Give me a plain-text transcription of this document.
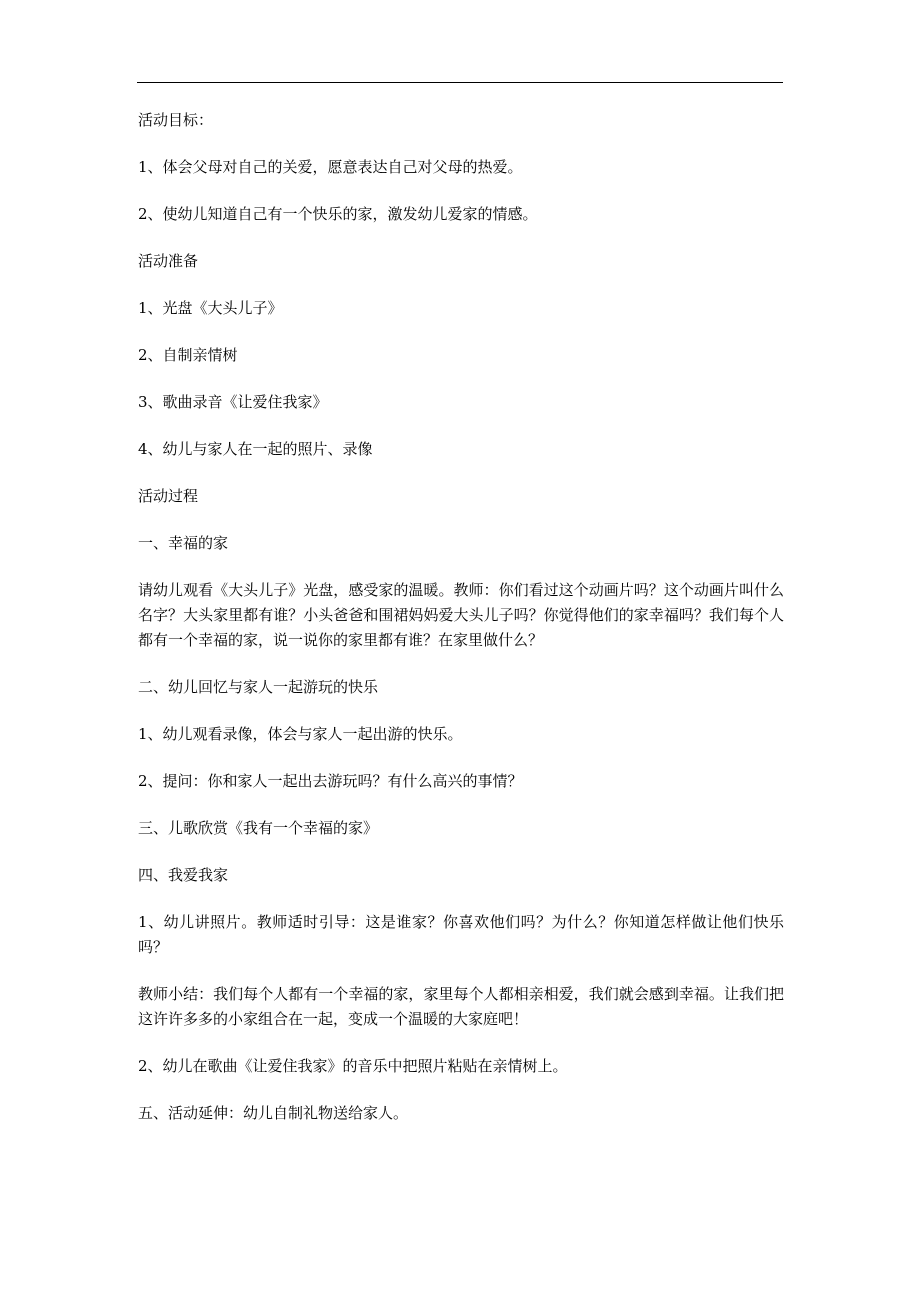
活动目标：

1、体会父母对自己的关爱，愿意表达自己对父母的热爱。

2、使幼儿知道自己有一个快乐的家，激发幼儿爱家的情感。

活动准备

1、光盘《大头儿子》

2、自制亲情树

3、歌曲录音《让爱住我家》

4、幼儿与家人在一起的照片、录像

活动过程

一、幸福的家

请幼儿观看《大头儿子》光盘，感受家的温暖。教师：你们看过这个动画片吗？这个动画片叫什么名字？大头家里都有谁？小头爸爸和围裙妈妈爱大头儿子吗？你觉得他们的家幸福吗？我们每个人都有一个幸福的家，说一说你的家里都有谁？在家里做什么？

二、幼儿回忆与家人一起游玩的快乐

1、幼儿观看录像，体会与家人一起出游的快乐。

2、提问：你和家人一起出去游玩吗？有什么高兴的事情？

三、儿歌欣赏《我有一个幸福的家》

四、我爱我家

1、幼儿讲照片。教师适时引导：这是谁家？你喜欢他们吗？为什么？你知道怎样做让他们快乐吗？

教师小结：我们每个人都有一个幸福的家，家里每个人都相亲相爱，我们就会感到幸福。让我们把这许许多多的小家组合在一起，变成一个温暖的大家庭吧！

2、幼儿在歌曲《让爱住我家》的音乐中把照片粘贴在亲情树上。

五、活动延伸：幼儿自制礼物送给家人。
